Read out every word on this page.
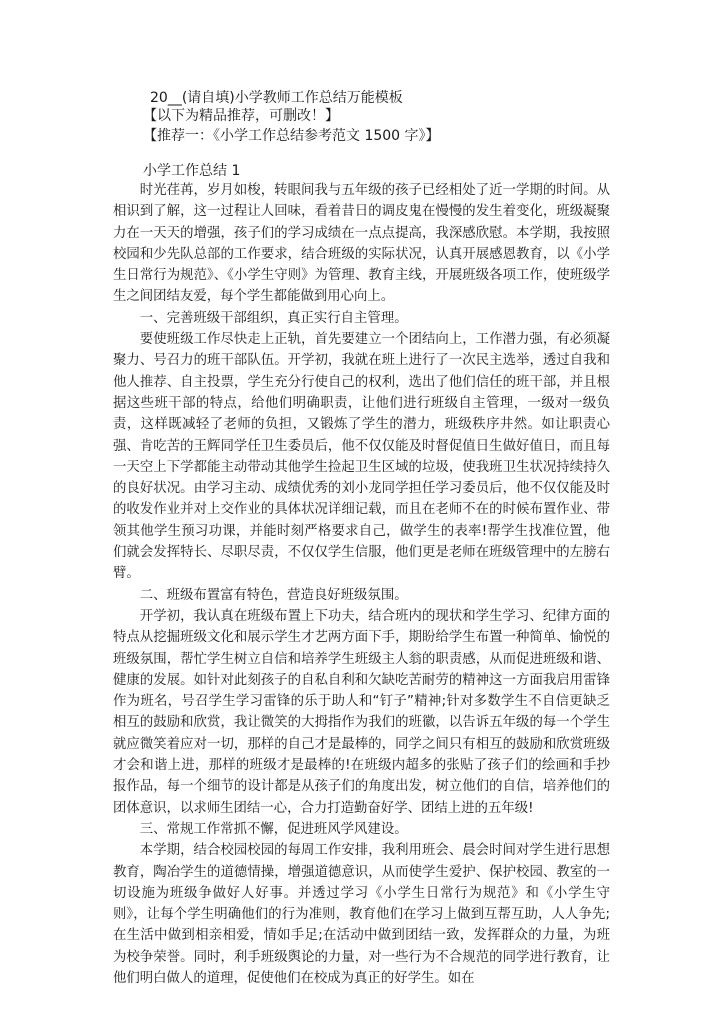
20__(请自填)小学教师工作总结万能模板
【以下为精品推荐，可删改！】
【推荐一：《小学工作总结参考范文 1500 字》】
小学工作总结 1

时光荏苒，岁月如梭，转眼间我与五年级的孩子已经相处了近一学期的时间。从相识到了解，这一过程让人回味，看着昔日的调皮鬼在慢慢的发生着变化，班级凝聚力在一天天的增强，孩子们的学习成绩在一点点提高，我深感欣慰。本学期，我按照校园和少先队总部的工作要求，结合班级的实际状况，认真开展感恩教育，以《小学生日常行为规范》、《小学生守则》为管理、教育主线，开展班级各项工作，使班级学生之间团结友爱，每个学生都能做到用心向上。

一、完善班级干部组织，真正实行自主管理。

要使班级工作尽快走上正轨，首先要建立一个团结向上，工作潜力强，有必须凝聚力、号召力的班干部队伍。开学初，我就在班上进行了一次民主选举，透过自我和他人推荐、自主投票，学生充分行使自己的权利，选出了他们信任的班干部，并且根据这些班干部的特点，给他们明确职责，让他们进行班级自主管理，一级对一级负责，这样既减轻了老师的负担，又锻炼了学生的潜力，班级秩序井然。如让职责心强、肯吃苦的王辉同学任卫生委员后，他不仅仅能及时督促值日生做好值日，而且每一天空上下学都能主动带动其他学生捡起卫生区域的垃圾，使我班卫生状况持续持久的良好状况。由学习主动、成绩优秀的刘小龙同学担任学习委员后，他不仅仅能及时的收发作业并对上交作业的具体状况详细记载，而且在老师不在的时候布置作业、带领其他学生预习功课，并能时刻严格要求自己，做学生的表率!帮学生找准位置，他们就会发挥特长、尽职尽责，不仅仅学生信服，他们更是老师在班级管理中的左膀右臂。

二、班级布置富有特色，营造良好班级氛围。

开学初，我认真在班级布置上下功夫，结合班内的现状和学生学习、纪律方面的特点从挖掘班级文化和展示学生才艺两方面下手，期盼给学生布置一种简单、愉悦的班级氛围，帮忙学生树立自信和培养学生班级主人翁的职责感，从而促进班级和谐、健康的发展。如针对此刻孩子的自私自利和欠缺吃苦耐劳的精神这一方面我启用雷锋作为班名，号召学生学习雷锋的乐于助人和“钉子”精神;针对多数学生不自信更缺乏相互的鼓励和欣赏，我让微笑的大拇指作为我们的班徽，以告诉五年级的每一个学生就应微笑着应对一切，那样的自己才是最棒的，同学之间只有相互的鼓励和欣赏班级才会和谐上进，那样的班级才是最棒的!在班级内超多的张贴了孩子们的绘画和手抄报作品，每一个细节的设计都是从孩子们的角度出发，树立他们的自信，培养他们的团体意识，以求师生团结一心，合力打造勤奋好学、团结上进的五年级!

三、常规工作常抓不懈，促进班风学风建设。

本学期，结合校园校园的每周工作安排，我利用班会、晨会时间对学生进行思想教育，陶冶学生的道德情操，增强道德意识，从而使学生爱护、保护校园、教室的一切设施为班级争做好人好事。并透过学习《小学生日常行为规范》和《小学生守则》，让每个学生明确他们的行为准则，教育他们在学习上做到互帮互助，人人争先;在生活中做到相亲相爱，情如手足;在活动中做到团结一致，发挥群众的力量，为班为校争荣誉。同时，利手班级舆论的力量，对一些行为不合规范的同学进行教育，让他们明白做人的道理，促使他们在校成为真正的好学生。如在
